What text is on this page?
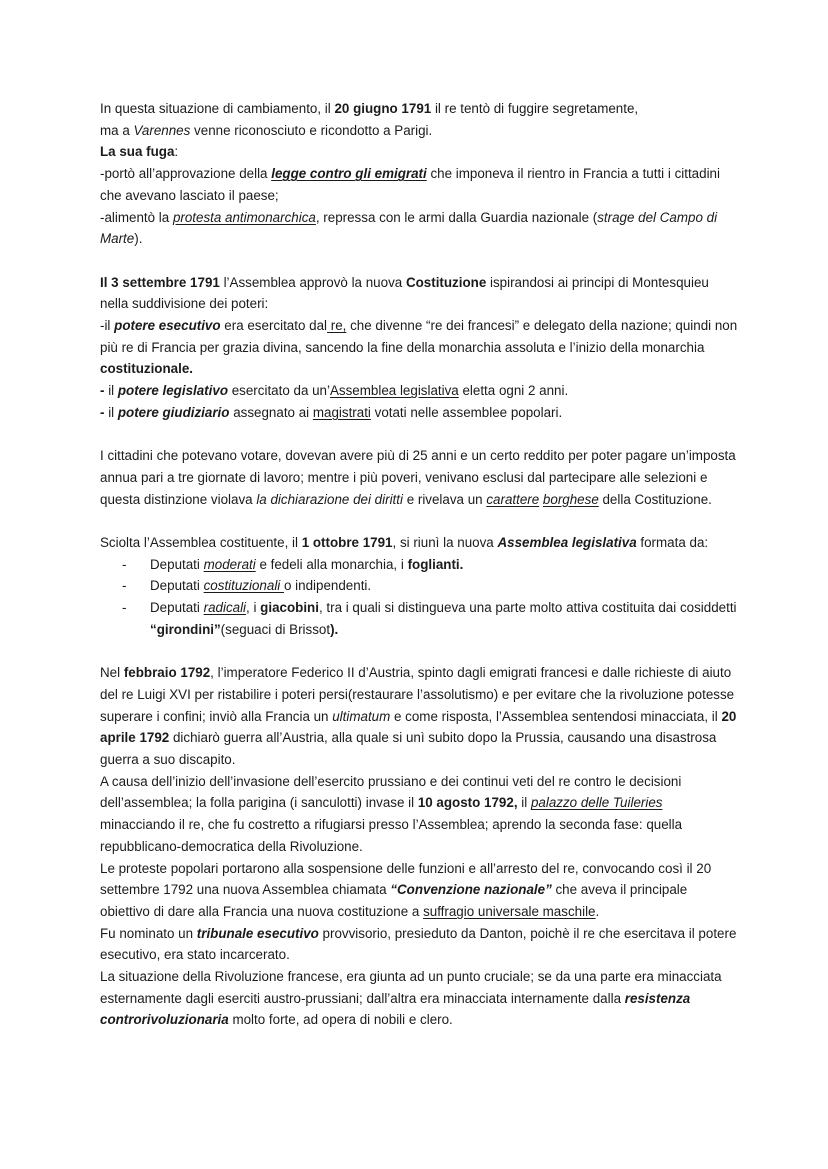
In questa situazione di cambiamento, il 20 giugno 1791 il re tentò di fuggire segretamente,
ma a Varennes venne riconosciuto e ricondotto a Parigi.

La sua fuga:

-portò all’approvazione della legge contro gli emigrati che imponeva il rientro in Francia a tutti i cittadini che avevano lasciato il paese;

-alimentò la protesta antimonarchica, repressa con le armi dalla Guardia nazionale (strage del Campo di Marte).

Il 3 settembre 1791 l’Assemblea approvò la nuova Costituzione ispirandosi ai principi di Montesquieu nella suddivisione dei poteri:

-il potere esecutivo era esercitato dal re, che divenne “re dei francesi” e delegato della nazione; quindi non più re di Francia per grazia divina, sancendo la fine della monarchia assoluta e l’inizio della monarchia costituzionale.

- il potere legislativo esercitato da un’Assemblea legislativa eletta ogni 2 anni.

- il potere giudiziario assegnato ai magistrati votati nelle assemblee popolari.

I cittadini che potevano votare, dovevan avere più di 25 anni e un certo reddito per poter pagare un’imposta annua pari a tre giornate di lavoro; mentre i più poveri, venivano esclusi dal partecipare alle selezioni e questa distinzione violava la dichiarazione dei diritti e rivelava un carattere borghese della Costituzione.

Sciolta l’Assemblea costituente, il 1 ottobre 1791, si riunì la nuova Assemblea legislativa formata da:

- Deputati moderati e fedeli alla monarchia, i foglianti.
- Deputati costituzionali o indipendenti.
- Deputati radicali, i giacobini, tra i quali si distingueva una parte molto attiva costituita dai cosiddetti “girondini”(seguaci di Brissot).

Nel febbraio 1792, l’imperatore Federico II d’Austria, spinto dagli emigrati francesi e dalle richieste di aiuto del re Luigi XVI per ristabilire i poteri persi(restaurare l’assolutismo) e per evitare che la rivoluzione potesse superare i confini; inviò alla Francia un ultimatum e come risposta, l’Assemblea sentendosi minacciata, il 20 aprile 1792 dichiarò guerra all’Austria, alla quale si unì subito dopo la Prussia, causando una disastrosa guerra a suo discapito.

A causa dell’inizio dell’invasione dell’esercito prussiano e dei continui veti del re contro le decisioni dell’assemblea; la folla parigina (i sanculotti) invase il 10 agosto 1792, il palazzo delle Tuileries minacciando il re, che fu costretto a rifugiarsi presso l’Assemblea; aprendo la seconda fase: quella repubblicano-democratica della Rivoluzione.

Le proteste popolari portarono alla sospensione delle funzioni e all’arresto del re, convocando così il 20 settembre 1792 una nuova Assemblea chiamata “Convenzione nazionale” che aveva il principale obiettivo di dare alla Francia una nuova costituzione a suffragio universale maschile.

Fu nominato un tribunale esecutivo provvisorio, presieduto da Danton, poichè il re che esercitava il potere esecutivo, era stato incarcerato.

La situazione della Rivoluzione francese, era giunta ad un punto cruciale; se da una parte era minacciata esternamente dagli eserciti austro-prussiani; dall’altra era minacciata internamente dalla resistenza controrivoluzionaria molto forte, ad opera di nobili e clero.
